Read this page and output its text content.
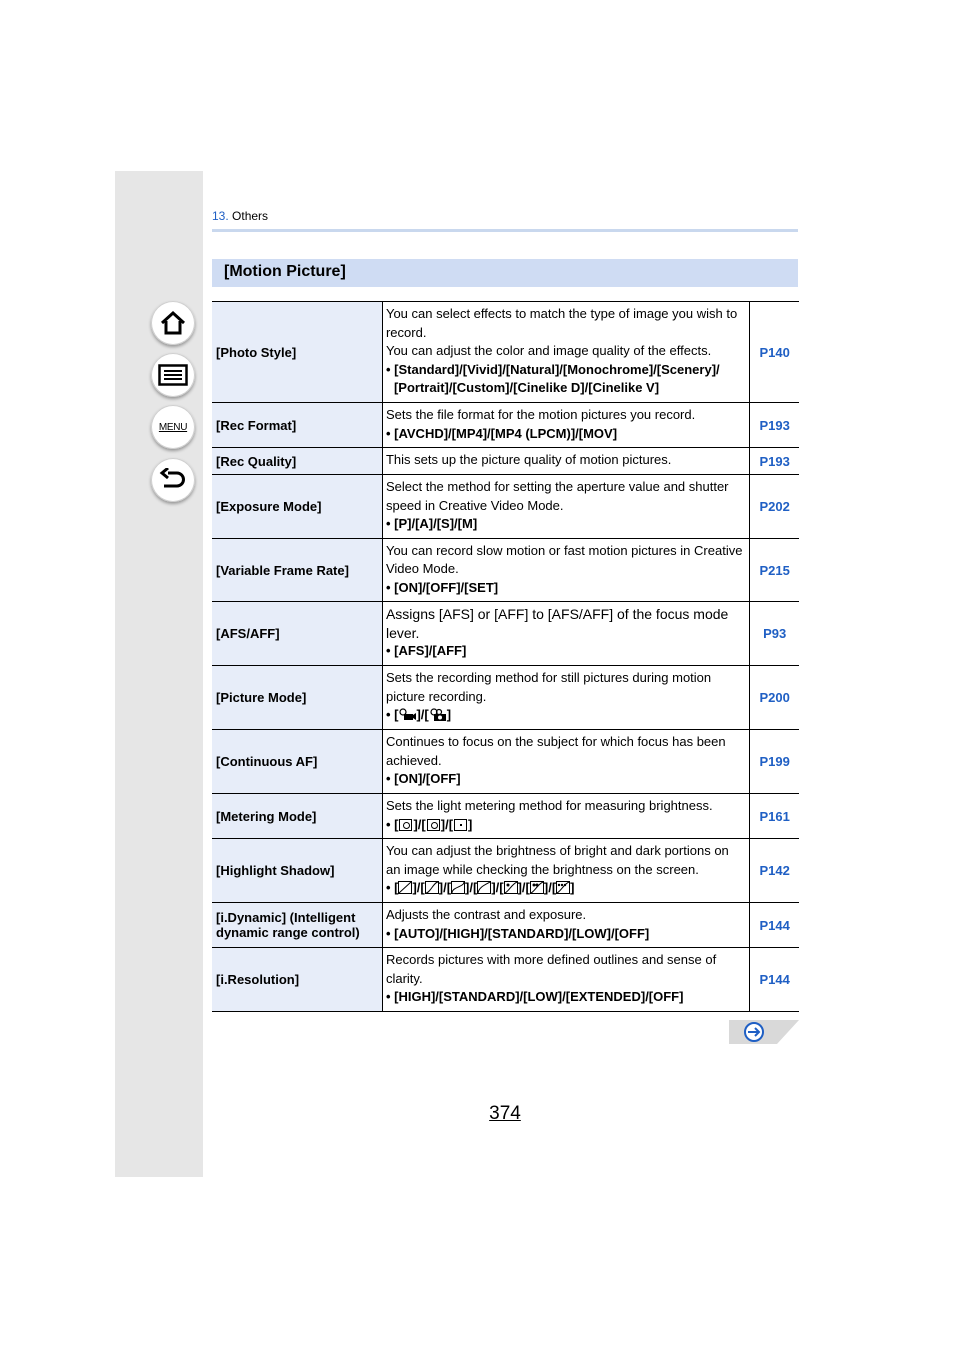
MENU
13. Others
[Motion Picture]
[Photo Style]	You can select effects to match the type of image you wish to record.
You can adjust the color and image quality of the effects.
• [Standard]/[Vivid]/[Natural]/[Monochrome]/[Scenery]/
[Portrait]/[Custom]/[Cinelike D]/[Cinelike V]	P140
[Rec Format]	Sets the file format for the motion pictures you record.
• [AVCHD]/[MP4]/[MP4 (LPCM)]/[MOV]	P193
[Rec Quality]	This sets up the picture quality of motion pictures.	P193
[Exposure Mode]	Select the method for setting the aperture value and shutter speed in Creative Video Mode.
• [P]/[A]/[S]/[M]	P202
[Variable Frame Rate]	You can record slow motion or fast motion pictures in Creative Video Mode.
• [ON]/[OFF]/[SET]	P215
[AFS/AFF]	Assigns [AFS] or [AFF] to [AFS/AFF] of the focus mode lever.
• [AFS]/[AFF]	P93
[Picture Mode]	Sets the recording method for still pictures during motion picture recording.
• [ ]/[ ]	P200
[Continuous AF]	Continues to focus on the subject for which focus has been achieved.
• [ON]/[OFF]	P199
[Metering Mode]	Sets the light metering method for measuring brightness.
• [ ]/[ ]/[ ]	P161
[Highlight Shadow]	You can adjust the brightness of bright and dark portions on an image while checking the brightness on the screen.
• [ ]/[ ]/[ ]/[ ]/[ ]/[ ]/[ ]	P142
[i.Dynamic] (Intelligent dynamic range control)	Adjusts the contrast and exposure.
• [AUTO]/[HIGH]/[STANDARD]/[LOW]/[OFF]	P144
[i.Resolution]	Records pictures with more defined outlines and sense of clarity.
• [HIGH]/[STANDARD]/[LOW]/[EXTENDED]/[OFF]	P144
374
